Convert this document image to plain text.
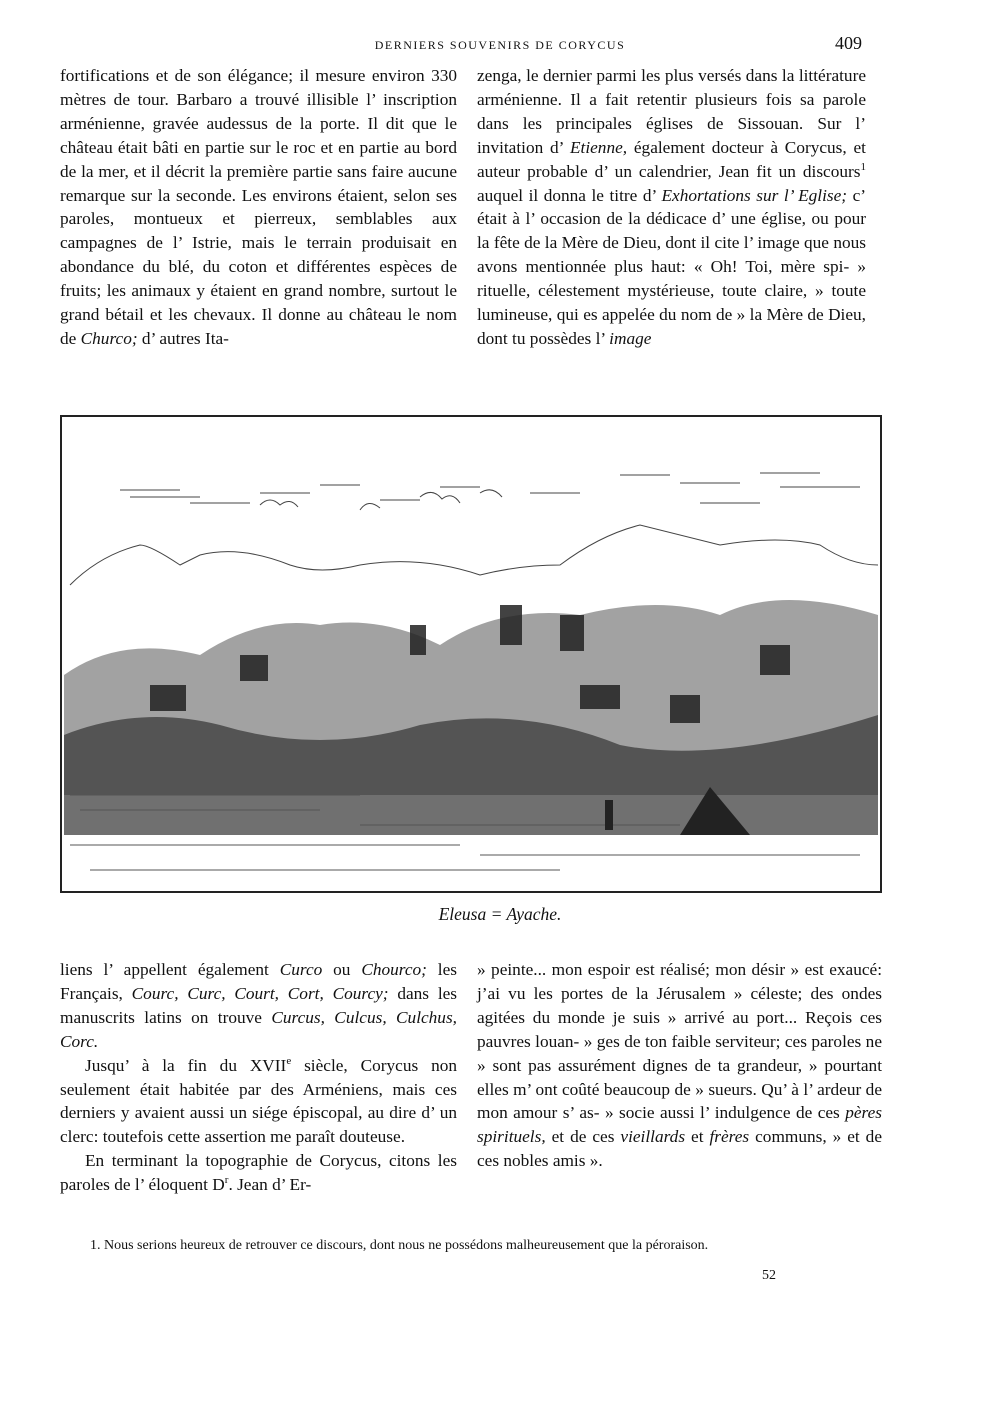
DERNIERS SOUVENIRS DE CORYCUS	409

fortifications et de son élégance; il mesure environ 330 mètres de tour. Barbaro a trouvé illisible l’ inscription arménienne, gravée audessus de la porte. Il dit que le château était bâti en partie sur le roc et en partie au bord de la mer, et il décrit la première partie sans faire aucune remarque sur la seconde. Les environs étaient, selon ses paroles, montueux et pierreux, semblables aux campagnes de l’ Istrie, mais le terrain produisait en abondance du blé, du coton et différentes espèces de fruits; les animaux y étaient en grand nombre, surtout le grand bétail et les chevaux. Il donne au château le nom de Churco; d’ autres Ita-

zenga, le dernier parmi les plus versés dans la littérature arménienne. Il a fait retentir plusieurs fois sa parole dans les principales églises de Sissouan. Sur l’ invitation d’ Etienne, également docteur à Corycus, et auteur probable d’ un calendrier, Jean fit un discours$^1$ auquel il donna le titre d’ Exhortations sur l’ Eglise; c’ était à l’ occasion de la dédicace d’ une église, ou pour la fête de la Mère de Dieu, dont il cite l’ image que nous avons mentionnée plus haut: « Oh! Toi, mère spi- » rituelle, célestement mystérieuse, toute claire, » toute lumineuse, qui es appelée du nom de » la Mère de Dieu, dont tu possèdes l’ image

Eleusa = Ayache.

liens l’ appellent également Curco ou Chourco; les Français, Courc, Curc, Court, Cort, Courcy; dans les manuscrits latins on trouve Curcus, Culcus, Culchus, Corc.

Jusqu’ à la fin du XVIIe siècle, Corycus non seulement était habitée par des Arméniens, mais ces derniers y avaient aussi un siége épiscopal, au dire d’ un clerc: toutefois cette assertion me paraît douteuse.

En terminant la topographie de Corycus, citons les paroles de l’ éloquent $D^r$. Jean d’ Er-

» peinte... mon espoir est réalisé; mon désir » est exaucé: j’ai vu les portes de la Jérusalem » céleste; des ondes agitées du monde je suis » arrivé au port... Reçois ces pauvres louan- » ges de ton faible serviteur; ces paroles ne » sont pas assurément dignes de ta grandeur, » pourtant elles m’ ont coûté beaucoup de » sueurs. Qu’ à l’ ardeur de mon amour s’ as- » socie aussi l’ indulgence de ces pères spirituels, et de ces vieillards et frères communs, » et de ces nobles amis ».

1. Nous serions heureux de retrouver ce discours, dont nous ne possédons malheureusement que la péroraison.
52
